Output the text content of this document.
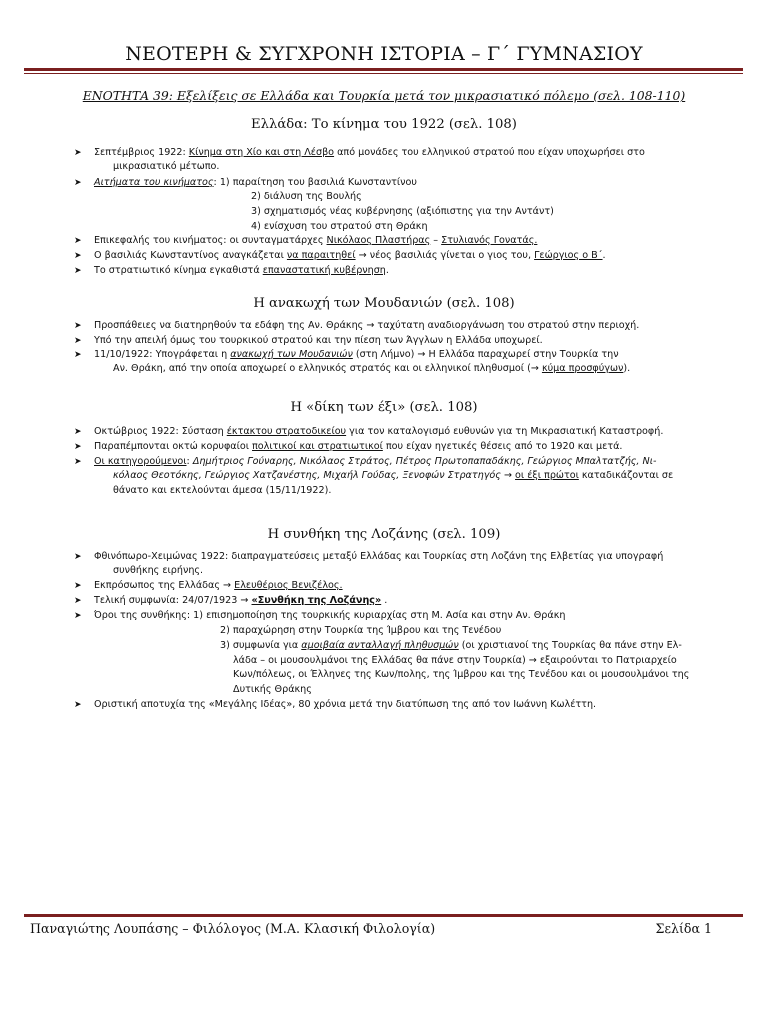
ΝΕΟΤΕΡΗ & ΣΥΓΧΡΟΝΗ ΙΣΤΟΡΙΑ – Γ΄ ΓΥΜΝΑΣΙΟΥ
ΕΝΟΤΗΤΑ 39: Εξελίξεις σε Ελλάδα και Τουρκία μετά τον μικρασιατικό πόλεμο (σελ. 108-110)
Ελλάδα: Το κίνημα του 1922 (σελ. 108)
➤ Σεπτέμβριος 1922: Κίνημα στη Χίο και στη Λέσβο από μονάδες του ελληνικού στρατού που είχαν υποχωρήσει στο
μικρασιατικό μέτωπο.
➤ Αιτήματα του κινήματος: 1) παραίτηση του βασιλιά Κωνσταντίνου
2) διάλυση της Βουλής
3) σχηματισμός νέας κυβέρνησης (αξιόπιστης για την Αντάντ)
4) ενίσχυση του στρατού στη Θράκη
➤ Επικεφαλής του κινήματος: οι συνταγματάρχες Νικόλαος Πλαστήρας – Στυλιανός Γονατάς.
➤ Ο βασιλιάς Κωνσταντίνος αναγκάζεται να παραιτηθεί → νέος βασιλιάς γίνεται ο γιος του, Γεώργιος ο Β΄.
➤ Το στρατιωτικό κίνημα εγκαθιστά επαναστατική κυβέρνηση.
Η ανακωχή των Μουδανιών (σελ. 108)
➤ Προσπάθειες να διατηρηθούν τα εδάφη της Αν. Θράκης → ταχύτατη αναδιοργάνωση του στρατού στην περιοχή.
➤ Υπό την απειλή όμως του τουρκικού στρατού και την πίεση των Άγγλων η Ελλάδα υποχωρεί.
➤ 11/10/1922: Υπογράφεται η ανακωχή των Μουδανιών (στη Λήμνο) → Η Ελλάδα παραχωρεί στην Τουρκία την
Αν. Θράκη, από την οποία αποχωρεί ο ελληνικός στρατός και οι ελληνικοί πληθυσμοί (→ κύμα προσφύγων).
Η «δίκη των έξι» (σελ. 108)
➤ Οκτώβριος 1922: Σύσταση έκτακτου στρατοδικείου για τον καταλογισμό ευθυνών για τη Μικρασιατική Καταστροφή.
➤ Παραπέμπονται οκτώ κορυφαίοι πολιτικοί και στρατιωτικοί που είχαν ηγετικές θέσεις από το 1920 και μετά.
➤ Οι κατηγορούμενοι: Δημήτριος Γούναρης, Νικόλαος Στράτος, Πέτρος Πρωτοπαπαδάκης, Γεώργιος Μπαλτατζής, Νι-
κόλαος Θεοτόκης, Γεώργιος Χατζανέστης, Μιχαήλ Γούδας, Ξενοφών Στρατηγός → οι έξι πρώτοι καταδικάζονται σε
θάνατο και εκτελούνται άμεσα (15/11/1922).
Η συνθήκη της Λοζάνης (σελ. 109)
➤ Φθινόπωρο-Χειμώνας 1922: διαπραγματεύσεις μεταξύ Ελλάδας και Τουρκίας στη Λοζάνη της Ελβετίας για υπογραφή
συνθήκης ειρήνης.
➤ Εκπρόσωπος της Ελλάδας → Ελευθέριος Βενιζέλος.
➤ Τελική συμφωνία: 24/07/1923 → «Συνθήκη της Λοζάνης» .
➤ Όροι της συνθήκης: 1) επισημοποίηση της τουρκικής κυριαρχίας στη Μ. Ασία και στην Αν. Θράκη
2) παραχώρηση στην Τουρκία της Ίμβρου και της Τενέδου
3) συμφωνία για αμοιβαία ανταλλαγή πληθυσμών (οι χριστιανοί της Τουρκίας θα πάνε στην Ελ-
λάδα – οι μουσουλμάνοι της Ελλάδας θα πάνε στην Τουρκία) → εξαιρούνται το Πατριαρχείο
Κων/πόλεως, οι Έλληνες της Κων/πολης, της Ίμβρου και της Τενέδου και οι μουσουλμάνοι της
Δυτικής Θράκης
➤ Οριστική αποτυχία της «Μεγάλης Ιδέας», 80 χρόνια μετά την διατύπωση της από τον Ιωάννη Κωλέττη.
Παναγιώτης Λουπάσης – Φιλόλογος (Μ.Α. Κλασική Φιλολογία)	Σελίδα 1
